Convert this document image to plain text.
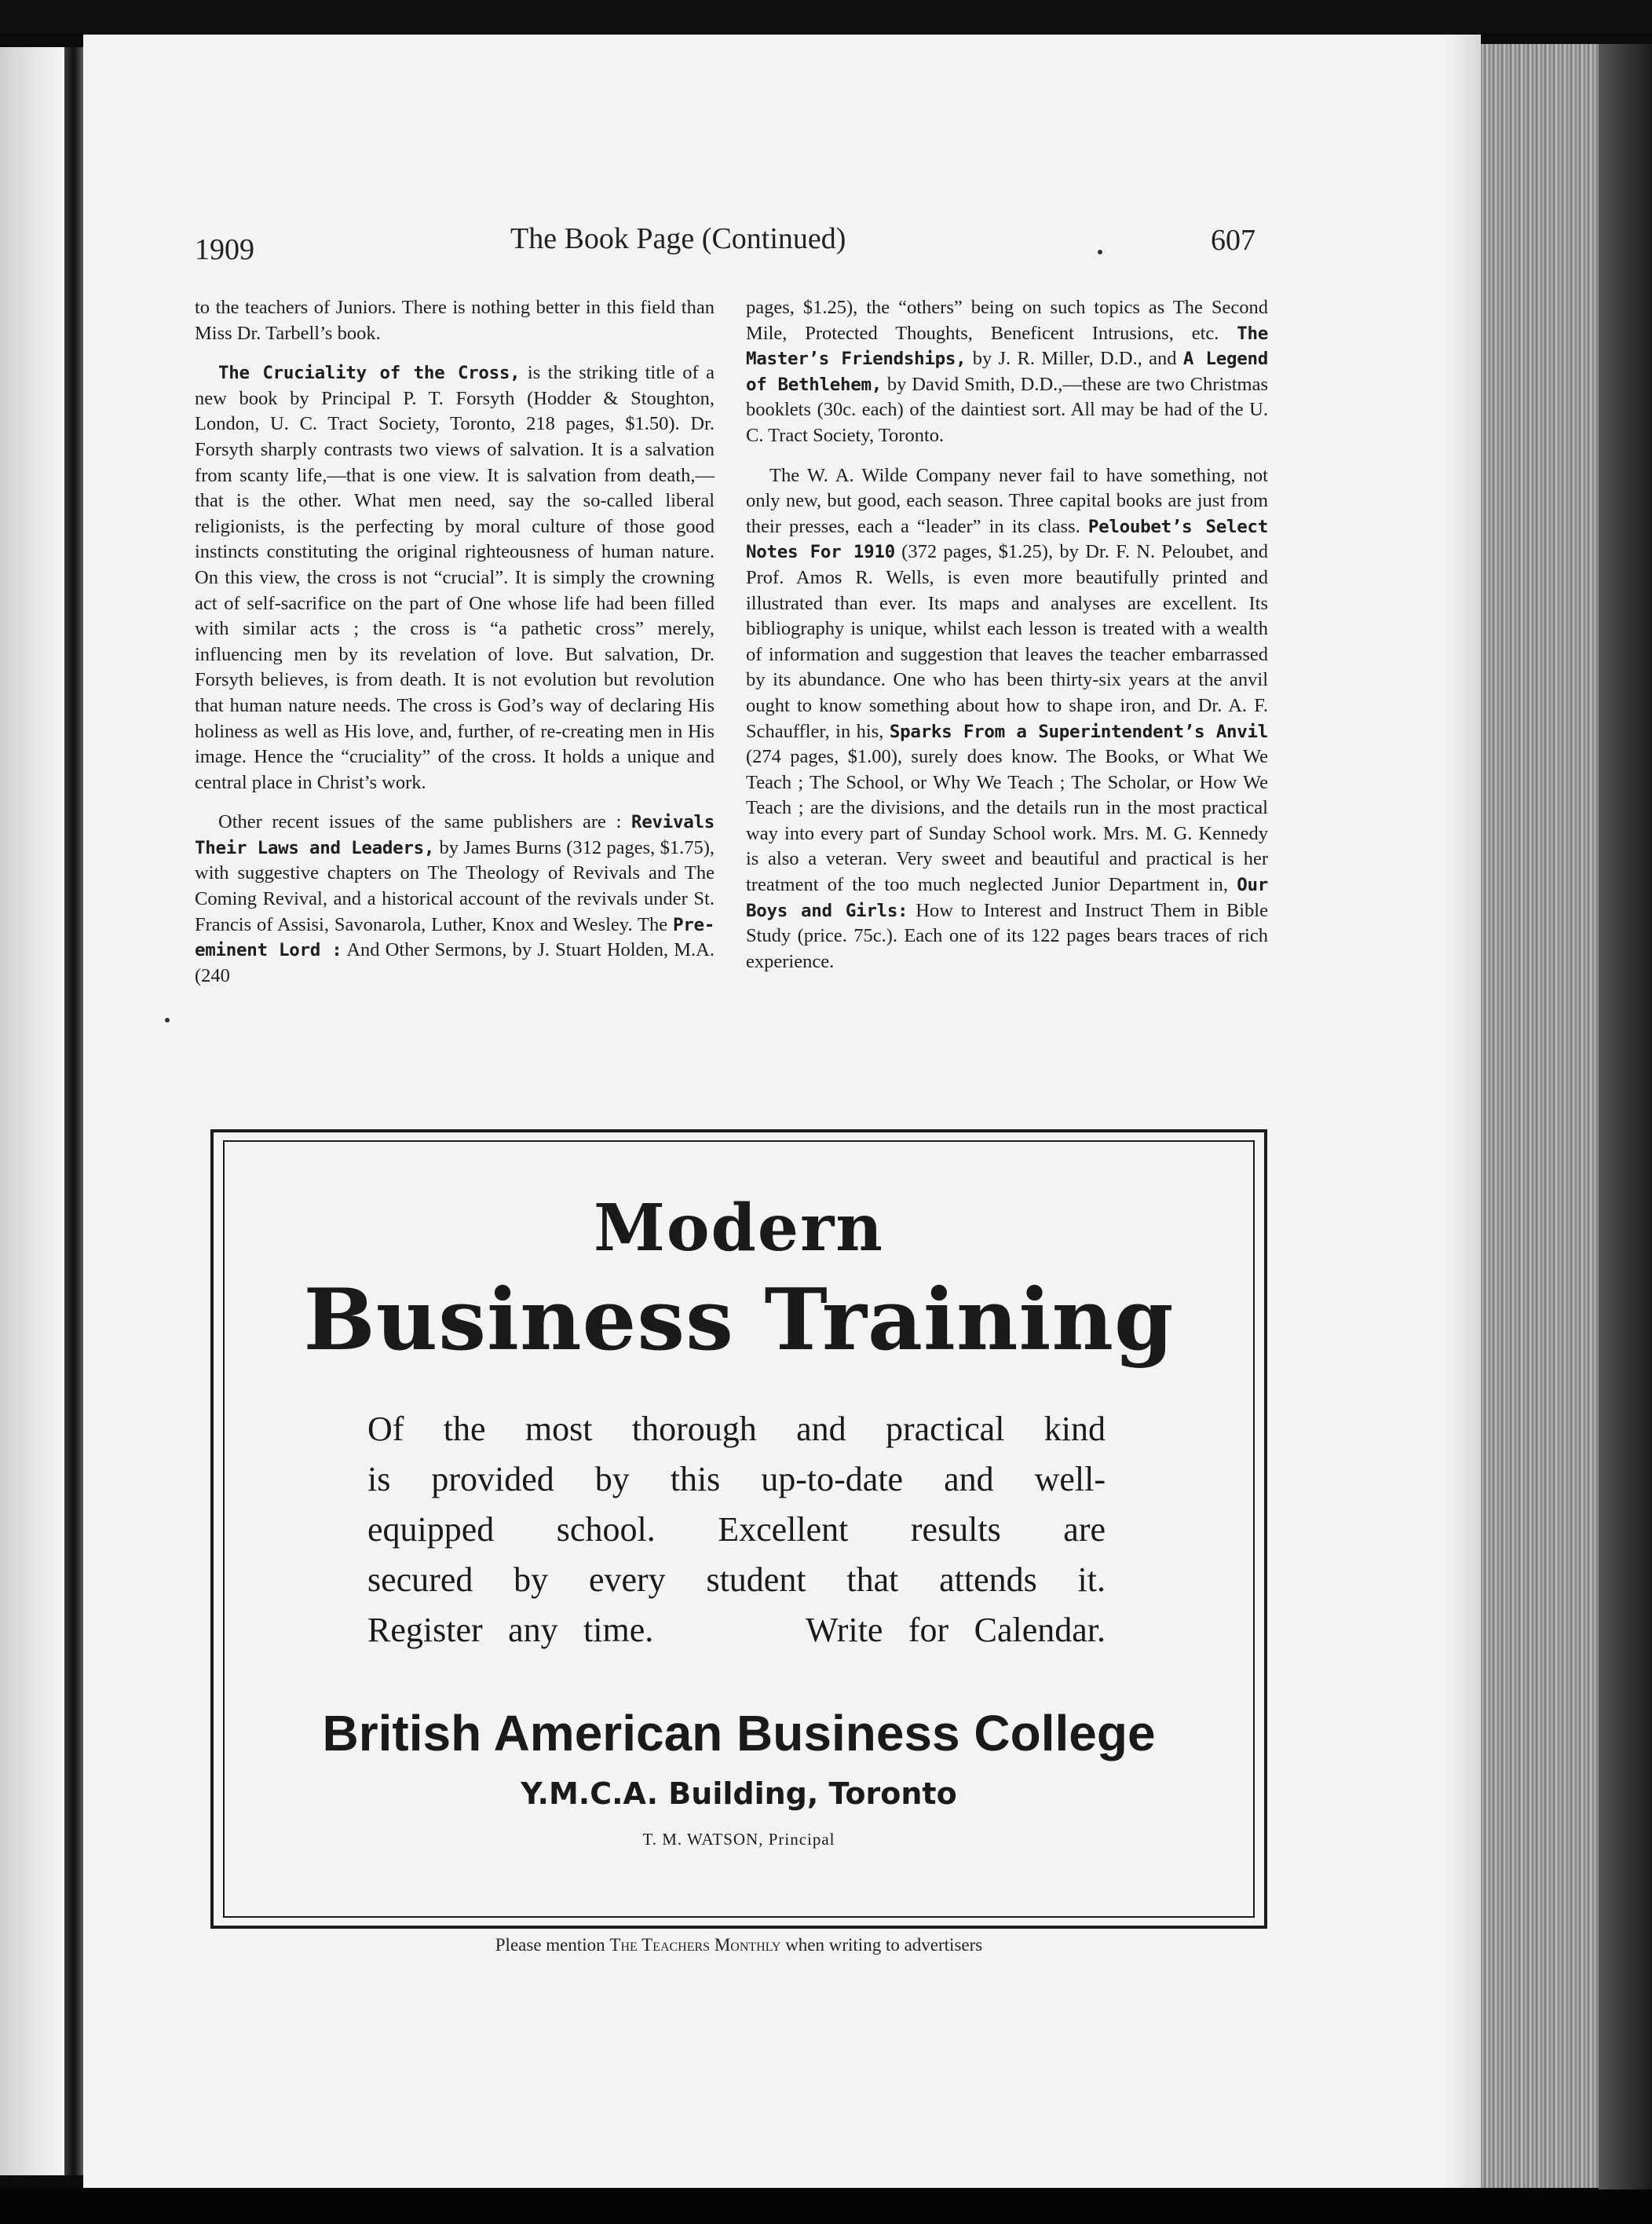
1909	The Book Page (Continued)	607

to the teachers of Juniors. There is nothing better in this field than Miss Dr. Tarbell’s book.

The Cruciality of the Cross, is the striking title of a new book by Principal P. T. Forsyth (Hodder & Stoughton, London, U. C. Tract Society, Toronto, 218 pages, $1.50). Dr. Forsyth sharply contrasts two views of salvation. It is a salvation from scanty life,—that is one view. It is salvation from death,—that is the other. What men need, say the so-called liberal religionists, is the perfecting by moral culture of those good instincts constituting the original righteousness of human nature. On this view, the cross is not “crucial”. It is simply the crowning act of self-sacrifice on the part of One whose life had been filled with similar acts ; the cross is “a pathetic cross” merely, influencing men by its revelation of love. But salvation, Dr. Forsyth believes, is from death. It is not evolution but revolution that human nature needs. The cross is God’s way of declaring His holiness as well as His love, and, further, of re-creating men in His image. Hence the “cruciality” of the cross. It holds a unique and central place in Christ’s work.

Other recent issues of the same publishers are : Revivals Their Laws and Leaders, by James Burns (312 pages, $1.75), with suggestive chapters on The Theology of Revivals and The Coming Revival, and a historical account of the revivals under St. Francis of Assisi, Savonarola, Luther, Knox and Wesley. The Pre-eminent Lord : And Other Sermons, by J. Stuart Holden, M.A. (240

pages, $1.25), the “others” being on such topics as The Second Mile, Protected Thoughts, Beneficent Intrusions, etc. The Master’s Friendships, by J. R. Miller, D.D., and A Legend of Bethlehem, by David Smith, D.D.,—these are two Christmas booklets (30c. each) of the daintiest sort. All may be had of the U. C. Tract Society, Toronto.

The W. A. Wilde Company never fail to have something, not only new, but good, each season. Three capital books are just from their presses, each a “leader” in its class. Peloubet’s Select Notes For 1910 (372 pages, $1.25), by Dr. F. N. Peloubet, and Prof. Amos R. Wells, is even more beautifully printed and illustrated than ever. Its maps and analyses are excellent. Its bibliography is unique, whilst each lesson is treated with a wealth of information and suggestion that leaves the teacher embarrassed by its abundance. One who has been thirty-six years at the anvil ought to know something about how to shape iron, and Dr. A. F. Schauffler, in his, Sparks From a Superintendent’s Anvil (274 pages, $1.00), surely does know. The Books, or What We Teach ; The School, or Why We Teach ; The Scholar, or How We Teach ; are the divisions, and the details run in the most practical way into every part of Sunday School work. Mrs. M. G. Kennedy is also a veteran. Very sweet and beautiful and practical is her treatment of the too much neglected Junior Department in, Our Boys and Girls: How to Interest and Instruct Them in Bible Study (price. 75c.). Each one of its 122 pages bears traces of rich experience.

Modern
Business Training
Of the most thorough and practical kind
is provided by this up-to-date and well-
equipped school. Excellent results are
secured by every student that attends it.
Register any time.      Write for Calendar.
British American Business College
Y.M.C.A. Building, Toronto
T. M. WATSON, Principal
Please mention The Teachers Monthly when writing to advertisers
